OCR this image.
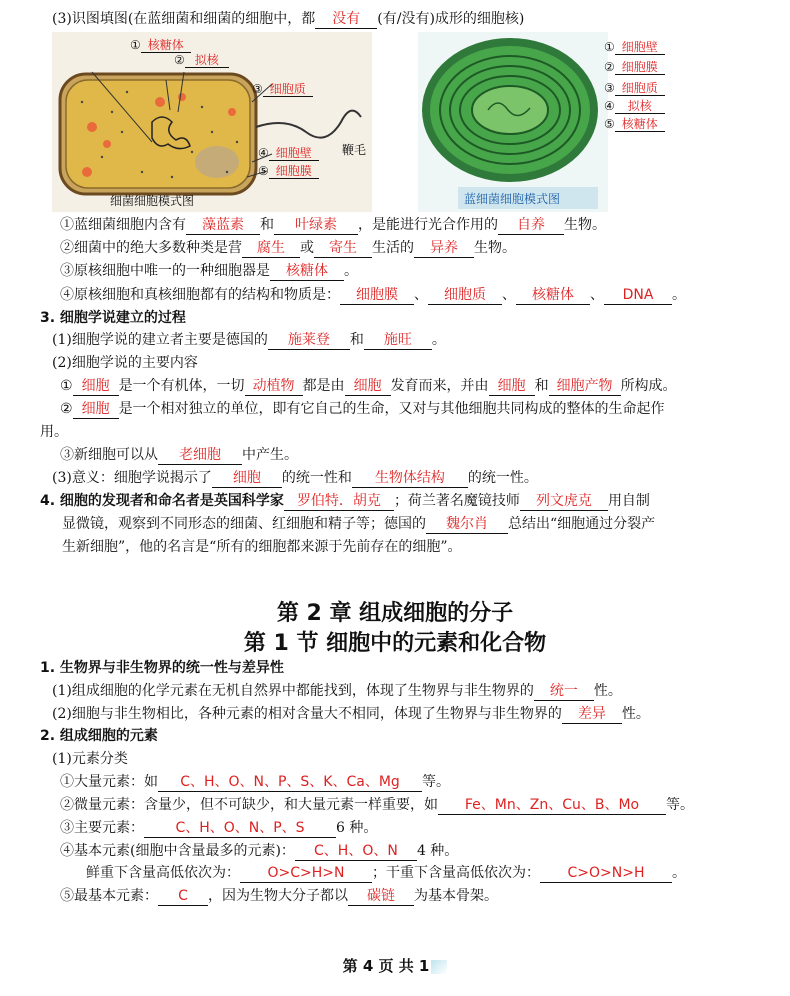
(3)识图填图(在蓝细菌和细菌的细胞中，都 没有 (有/没有)成形的细胞核)
细菌细胞模式图
① 核糖体
② 拟核
③ 细胞质
④ 细胞壁
⑤ 细胞膜
鞭毛
蓝细菌细胞模式图
① 细胞壁
② 细胞膜
③ 细胞质
④ 拟核
⑤ 核糖体
①蓝细菌细胞内含有 藻蓝素 和 叶绿素 ，是能进行光合作用的 自养 生物。
②细菌中的绝大多数种类是营 腐生 或 寄生 生活的 异养 生物。
③原核细胞中唯一的一种细胞器是 核糖体 。
④原核细胞和真核细胞都有的结构和物质是： 细胞膜 、 细胞质 、 核糖体 、 DNA 。
3. 细胞学说建立的过程
(1)细胞学说的建立者主要是德国的 施莱登 和 施旺 。
(2)细胞学说的主要内容
① 细胞 是一个有机体，一切 动植物 都是由 细胞 发育而来，并由 细胞 和 细胞产物 所构成。
② 细胞 是一个相对独立的单位，即有它自己的生命，又对与其他细胞共同构成的整体的生命起作
用。
③新细胞可以从 老细胞 中产生。
(3)意义：细胞学说揭示了 细胞 的统一性和 生物体结构 的统一性。
4. 细胞的发现者和命名者是英国科学家 罗伯特．胡克 ；荷兰著名魔镜技师 列文虎克 用自制
显微镜，观察到不同形态的细菌、红细胞和精子等；德国的 魏尔肖 总结出“细胞通过分裂产
生新细胞”，他的名言是“所有的细胞都来源于先前存在的细胞”。
第 2 章 组成细胞的分子
第 1 节 细胞中的元素和化合物
1. 生物界与非生物界的统一性与差异性
(1)组成细胞的化学元素在无机自然界中都能找到，体现了生物界与非生物界的 统一 性。
(2)细胞与非生物相比，各种元素的相对含量大不相同，体现了生物界与非生物界的 差异 性。
2. 组成细胞的元素
(1)元素分类
①大量元素：如 C、H、O、N、P、S、K、Ca、Mg 等。
②微量元素：含量少，但不可缺少，和大量元素一样重要，如 Fe、Mn、Zn、Cu、B、Mo 等。
③主要元素： C、H、O、N、P、S 6 种。
④基本元素(细胞中含量最多的元素)： C、H、O、N 4 种。
鲜重下含量高低依次为： O>C>H>N ；干重下含量高低依次为： C>O>N>H 。
⑤最基本元素： C ，因为生物大分子都以 碳链 为基本骨架。
第 4 页 共 1
